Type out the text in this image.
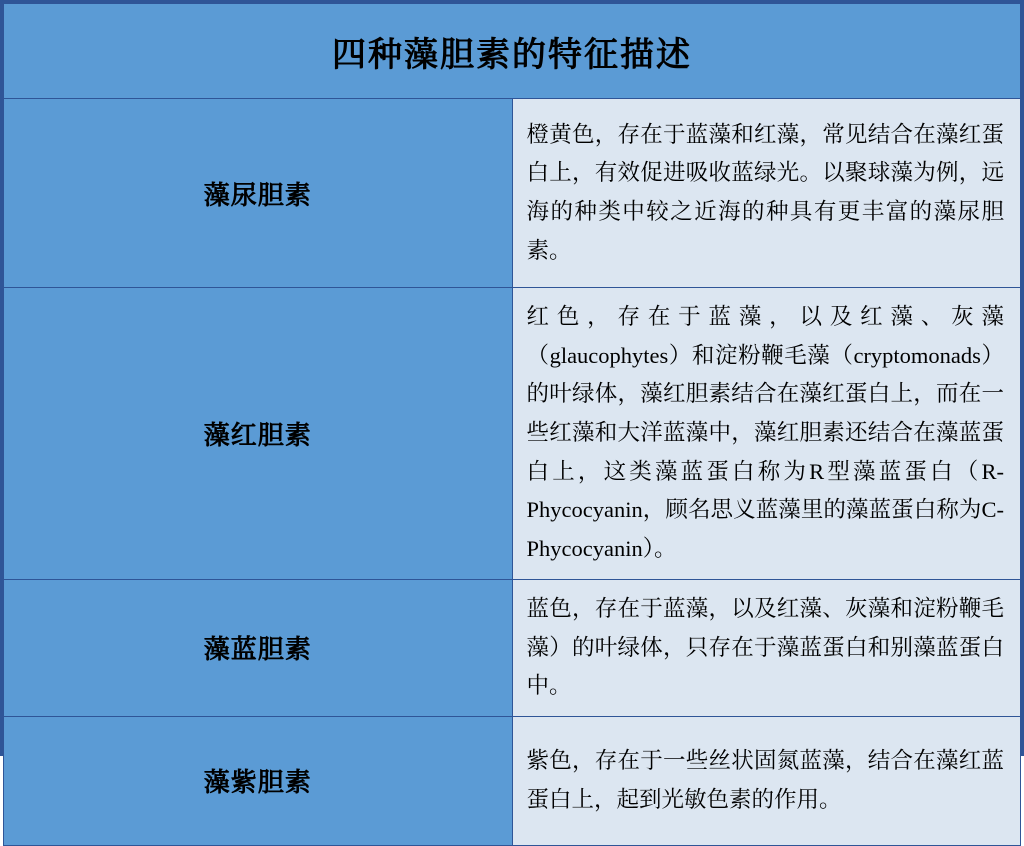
四种藻胆素的特征描述	
藻尿胆素	橙黄色，存在于蓝藻和红藻，常见结合在藻红蛋白上，有效促进吸收蓝绿光。以聚球藻为例，远海的种类中较之近海的种具有更丰富的藻尿胆素。
藻红胆素	红色，存在于蓝藻，以及红藻、灰藻（glaucophytes）和淀粉鞭毛藻（cryptomonads）的叶绿体，藻红胆素结合在藻红蛋白上，而在一些红藻和大洋蓝藻中，藻红胆素还结合在藻蓝蛋白上，这类藻蓝蛋白称为R型藻蓝蛋白（R-Phycocyanin，顾名思义蓝藻里的藻蓝蛋白称为C- Phycocyanin）。
藻蓝胆素	蓝色，存在于蓝藻，以及红藻、灰藻和淀粉鞭毛藻）的叶绿体，只存在于藻蓝蛋白和别藻蓝蛋白中。
藻紫胆素	紫色，存在于一些丝状固氮蓝藻，结合在藻红蓝蛋白上，起到光敏色素的作用。
